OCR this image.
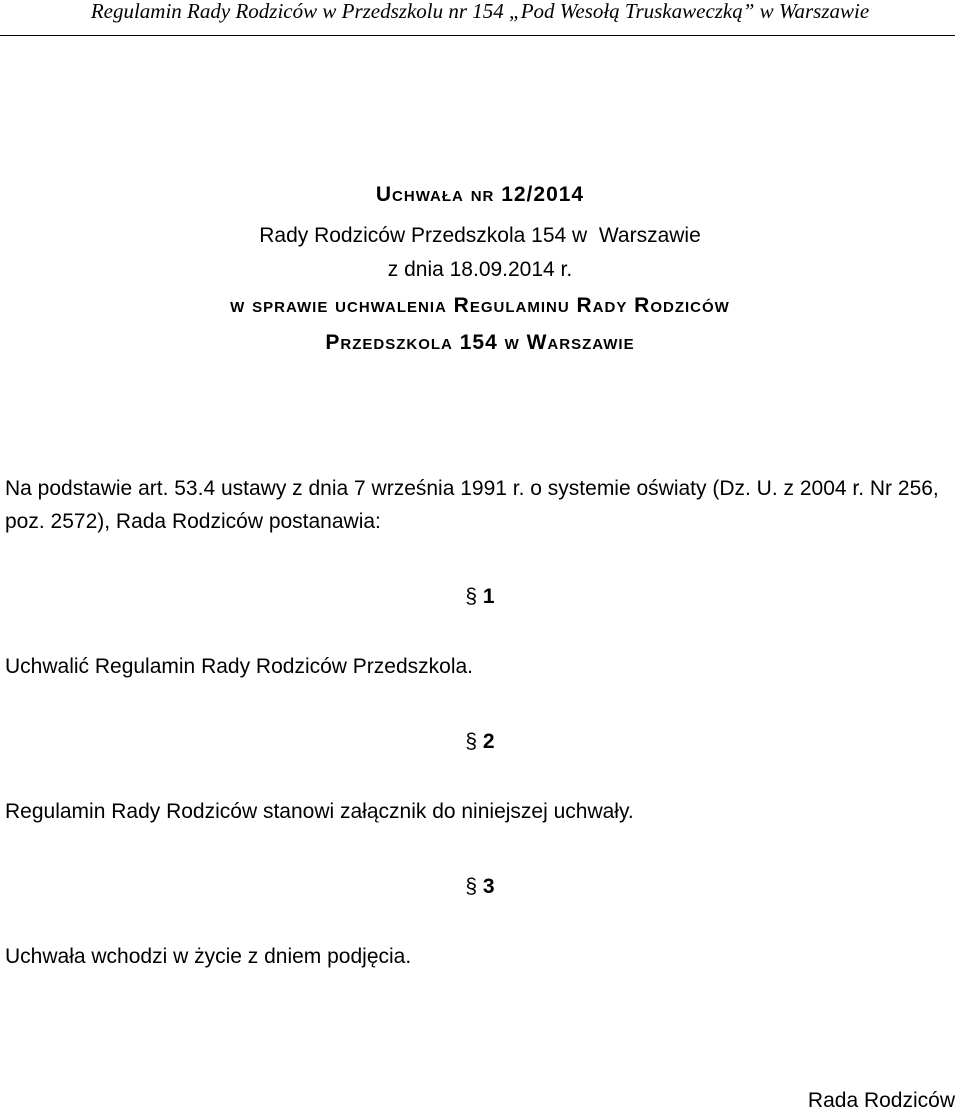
Regulamin Rady Rodziców w Przedszkolu nr 154 „Pod Wesołą Truskaweczką” w Warszawie
Uchwała nr 12/2014
Rady Rodziców Przedszkola 154 w  Warszawie
z dnia 18.09.2014 r.
w sprawie uchwalenia Regulaminu Rady Rodziców
Przedszkola 154 w Warszawie

Na podstawie art. 53.4 ustawy z dnia 7 września 1991 r. o systemie oświaty (Dz. U. z 2004 r. Nr 256, poz. 2572), Rada Rodziców postanawia:

§ 1
Uchwalić Regulamin Rady Rodziców Przedszkola.
§ 2
Regulamin Rady Rodziców stanowi załącznik do niniejszej uchwały.
§ 3
Uchwała wchodzi w życie z dniem podjęcia.
Rada Rodziców
